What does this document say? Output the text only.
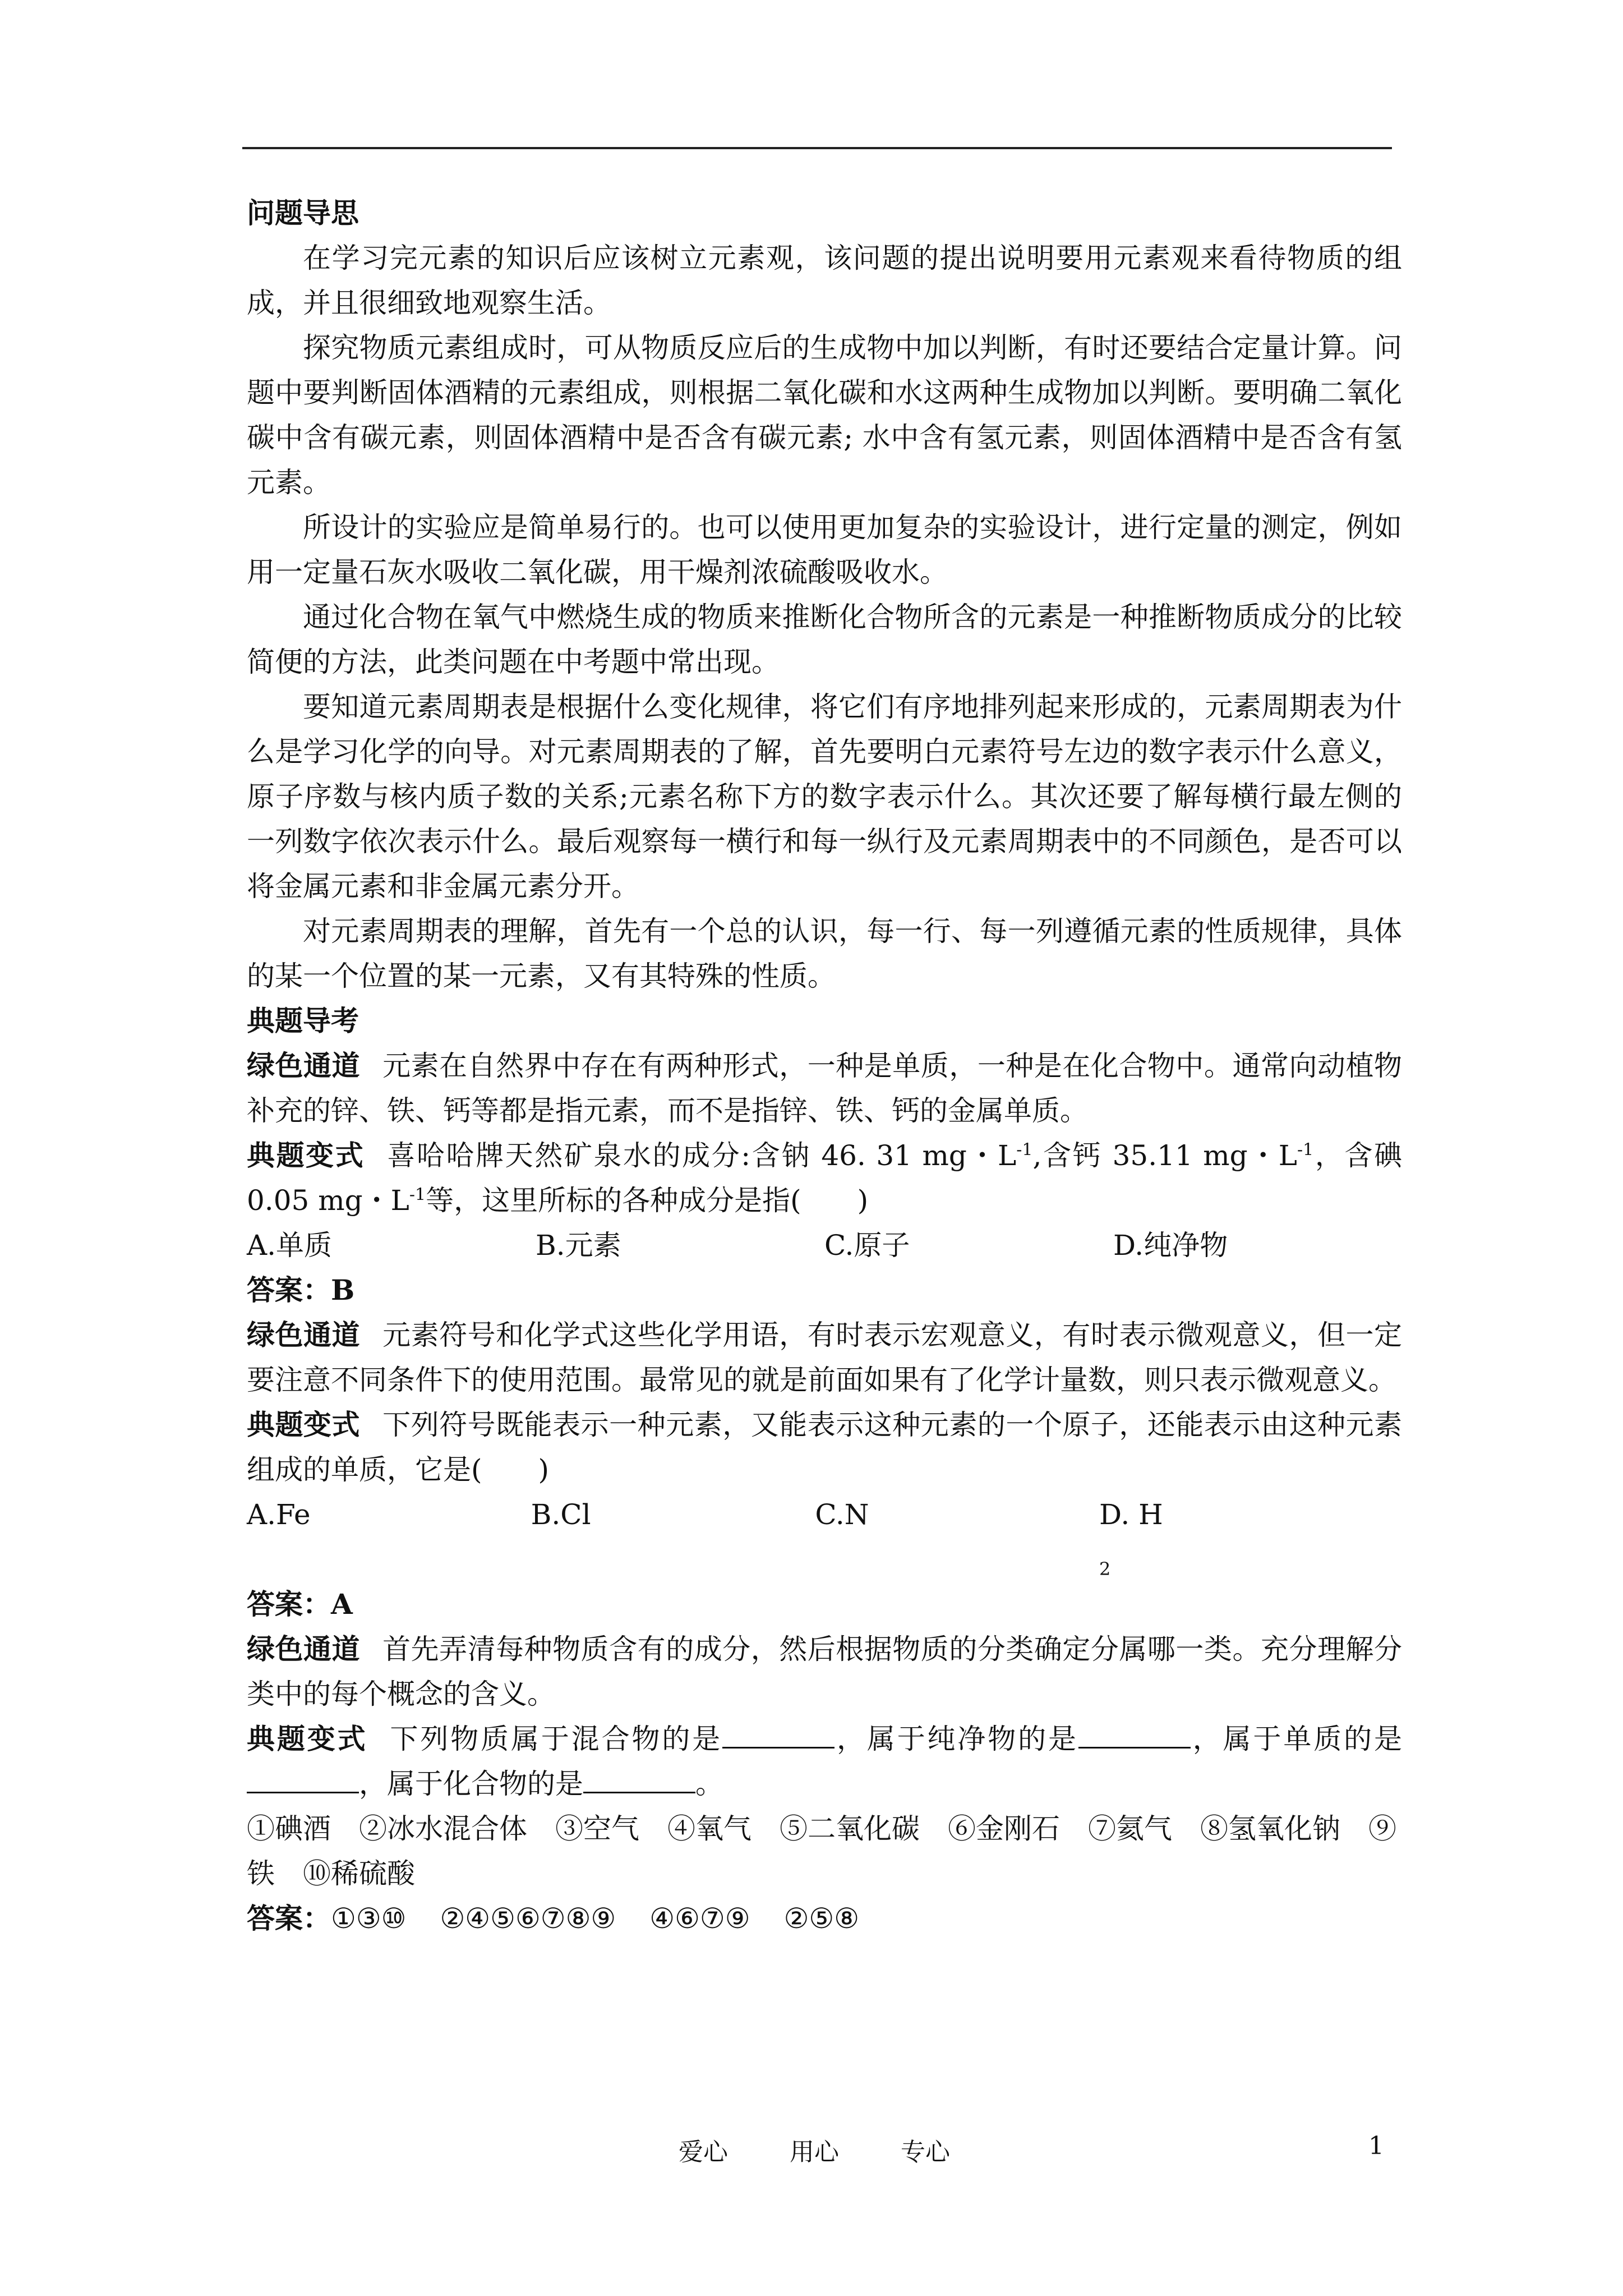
问题导思

在学习完元素的知识后应该树立元素观，该问题的提出说明要用元素观来看待物质的组成，并且很细致地观察生活。

探究物质元素组成时，可从物质反应后的生成物中加以判断，有时还要结合定量计算。问题中要判断固体酒精的元素组成，则根据二氧化碳和水这两种生成物加以判断。要明确二氧化碳中含有碳元素，则固体酒精中是否含有碳元素; 水中含有氢元素，则固体酒精中是否含有氢元素。

所设计的实验应是简单易行的。也可以使用更加复杂的实验设计，进行定量的测定，例如用一定量石灰水吸收二氧化碳，用干燥剂浓硫酸吸收水。

通过化合物在氧气中燃烧生成的物质来推断化合物所含的元素是一种推断物质成分的比较简便的方法，此类问题在中考题中常出现。

要知道元素周期表是根据什么变化规律，将它们有序地排列起来形成的，元素周期表为什么是学习化学的向导。对元素周期表的了解，首先要明白元素符号左边的数字表示什么意义，原子序数与核内质子数的关系;元素名称下方的数字表示什么。其次还要了解每横行最左侧的一列数字依次表示什么。最后观察每一横行和每一纵行及元素周期表中的不同颜色，是否可以将金属元素和非金属元素分开。

对元素周期表的理解，首先有一个总的认识，每一行、每一列遵循元素的性质规律，具体的某一个位置的某一元素，又有其特殊的性质。

典题导考

绿色通道 元素在自然界中存在有两种形式，一种是单质，一种是在化合物中。通常向动植物补充的锌、铁、钙等都是指元素，而不是指锌、铁、钙的金属单质。

典题变式 喜哈哈牌天然矿泉水的成分:含钠 46. 31 mg・$L^{-1}$,含钙 35.11 mg・$L^{-1}$，含碘 0.05 mg・$L^{-1}$等，这里所标的各种成分是指(　　)

A.单质	B.元素	C.原子	D.纯净物

答案：B

绿色通道 元素符号和化学式这些化学用语，有时表示宏观意义，有时表示微观意义，但一定要注意不同条件下的使用范围。最常见的就是前面如果有了化学计量数，则只表示微观意义。

典题变式 下列符号既能表示一种元素，又能表示这种元素的一个原子，还能表示由这种元素组成的单质，它是(　　)

A.Fe	B.Cl	C.N	D. $H_2$

答案：A

绿色通道 首先弄清每种物质含有的成分，然后根据物质的分类确定分属哪一类。充分理解分类中的每个概念的含义。

典题变式 下列物质属于混合物的是	，属于纯净物的是	，属于单质的是，属于化合物的是	。

①碘酒 ②冰水混合体 ③空气 ④氧气 ⑤二氧化碳 ⑥金刚石 ⑦氦气 ⑧氢氧化钠 ⑨铁 ⑩稀硫酸

答案：①③⑩ ②④⑤⑥⑦⑧⑨ ④⑥⑦⑨ ②⑤⑧

爱心	用心	专心	1
